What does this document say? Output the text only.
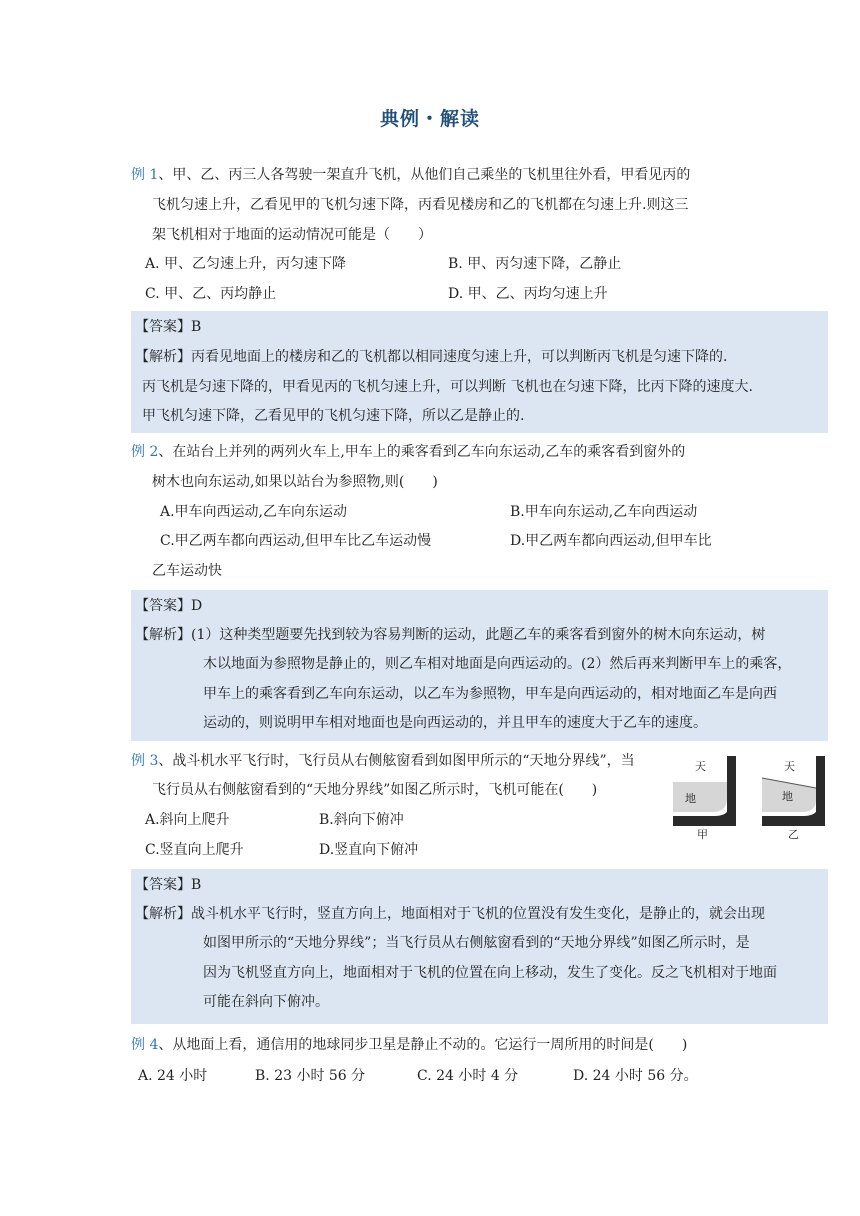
典例・解读
例 1、甲、乙、丙三人各驾驶一架直升飞机，从他们自己乘坐的飞机里往外看，甲看见丙的
飞机匀速上升，乙看见甲的飞机匀速下降，丙看见楼房和乙的飞机都在匀速上升.则这三
架飞机相对于地面的运动情况可能是（　　）
A. 甲、乙匀速上升，丙匀速下降	B. 甲、丙匀速下降，乙静止
C. 甲、乙、丙均静止	D. 甲、乙、丙均匀速上升
【答案】B
【解析】丙看见地面上的楼房和乙的飞机都以相同速度匀速上升，可以判断丙飞机是匀速下降的.
丙飞机是匀速下降的，甲看见丙的飞机匀速上升，可以判断 飞机也在匀速下降，比丙下降的速度大.
甲飞机匀速下降，乙看见甲的飞机匀速下降，所以乙是静止的.
例 2、在站台上并列的两列火车上,甲车上的乘客看到乙车向东运动,乙车的乘客看到窗外的
树木也向东运动,如果以站台为参照物,则(　　)
A.甲车向西运动,乙车向东运动	B.甲车向东运动,乙车向西运动
C.甲乙两车都向西运动,但甲车比乙车运动慢	D.甲乙两车都向西运动,但甲车比
乙车运动快
【答案】D
【解析】(1）这种类型题要先找到较为容易判断的运动，此题乙车的乘客看到窗外的树木向东运动，树
木以地面为参照物是静止的，则乙车相对地面是向西运动的。(2）然后再来判断甲车上的乘客，
甲车上的乘客看到乙车向东运动，以乙车为参照物，甲车是向西运动的，相对地面乙车是向西
运动的，则说明甲车相对地面也是向西运动的，并且甲车的速度大于乙车的速度。
例 3、战斗机水平飞行时，飞行员从右侧舷窗看到如图甲所示的“天地分界线”，当
飞行员从右侧舷窗看到的“天地分界线”如图乙所示时，飞机可能在(　　)
A.斜向上爬升	B.斜向下俯冲
C.竖直向上爬升	D.竖直向下俯冲
天
地
甲
天
地
乙
【答案】B
【解析】战斗机水平飞行时，竖直方向上，地面相对于飞机的位置没有发生变化，是静止的，就会出现
如图甲所示的“天地分界线”；当飞行员从右侧舷窗看到的“天地分界线”如图乙所示时，是
因为飞机竖直方向上，地面相对于飞机的位置在向上移动，发生了变化。反之飞机相对于地面
可能在斜向下俯冲。
例 4、从地面上看，通信用的地球同步卫星是静止不动的。它运行一周所用的时间是(　　)
A. 24 小时	B. 23 小时 56 分	C. 24 小时 4 分	D. 24 小时 56 分。
